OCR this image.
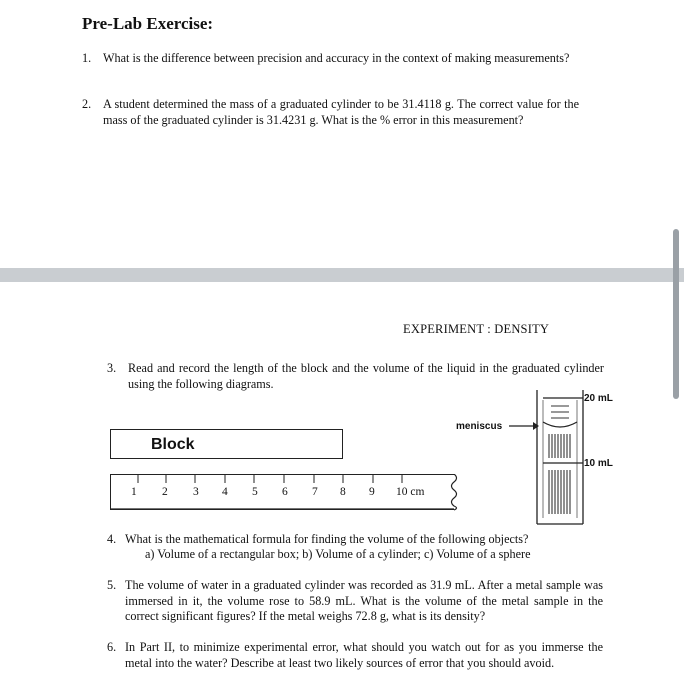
Pre-Lab Exercise:
1. What is the difference between precision and accuracy in the context of making measurements?
2. A student determined the mass of a graduated cylinder to be 31.4118 g. The correct value for the mass of the graduated cylinder is 31.4231 g. What is the % error in this measurement?
EXPERIMENT : DENSITY
3. Read and record the length of the block and the volume of the liquid in the graduated cylinder using the following diagrams.
Block
1 2 3 4 5 6 7 8 9 10 cm
meniscus
20 mL
10 mL
4. What is the mathematical formula for finding the volume of the following objects?
a) Volume of a rectangular box; b) Volume of a cylinder; c) Volume of a sphere
5. The volume of water in a graduated cylinder was recorded as 31.9 mL. After a metal sample was immersed in it, the volume rose to 58.9 mL. What is the volume of the metal sample in the correct significant figures? If the metal weighs 72.8 g, what is its density?
6. In Part II, to minimize experimental error, what should you watch out for as you immerse the metal into the water? Describe at least two likely sources of error that you should avoid.
